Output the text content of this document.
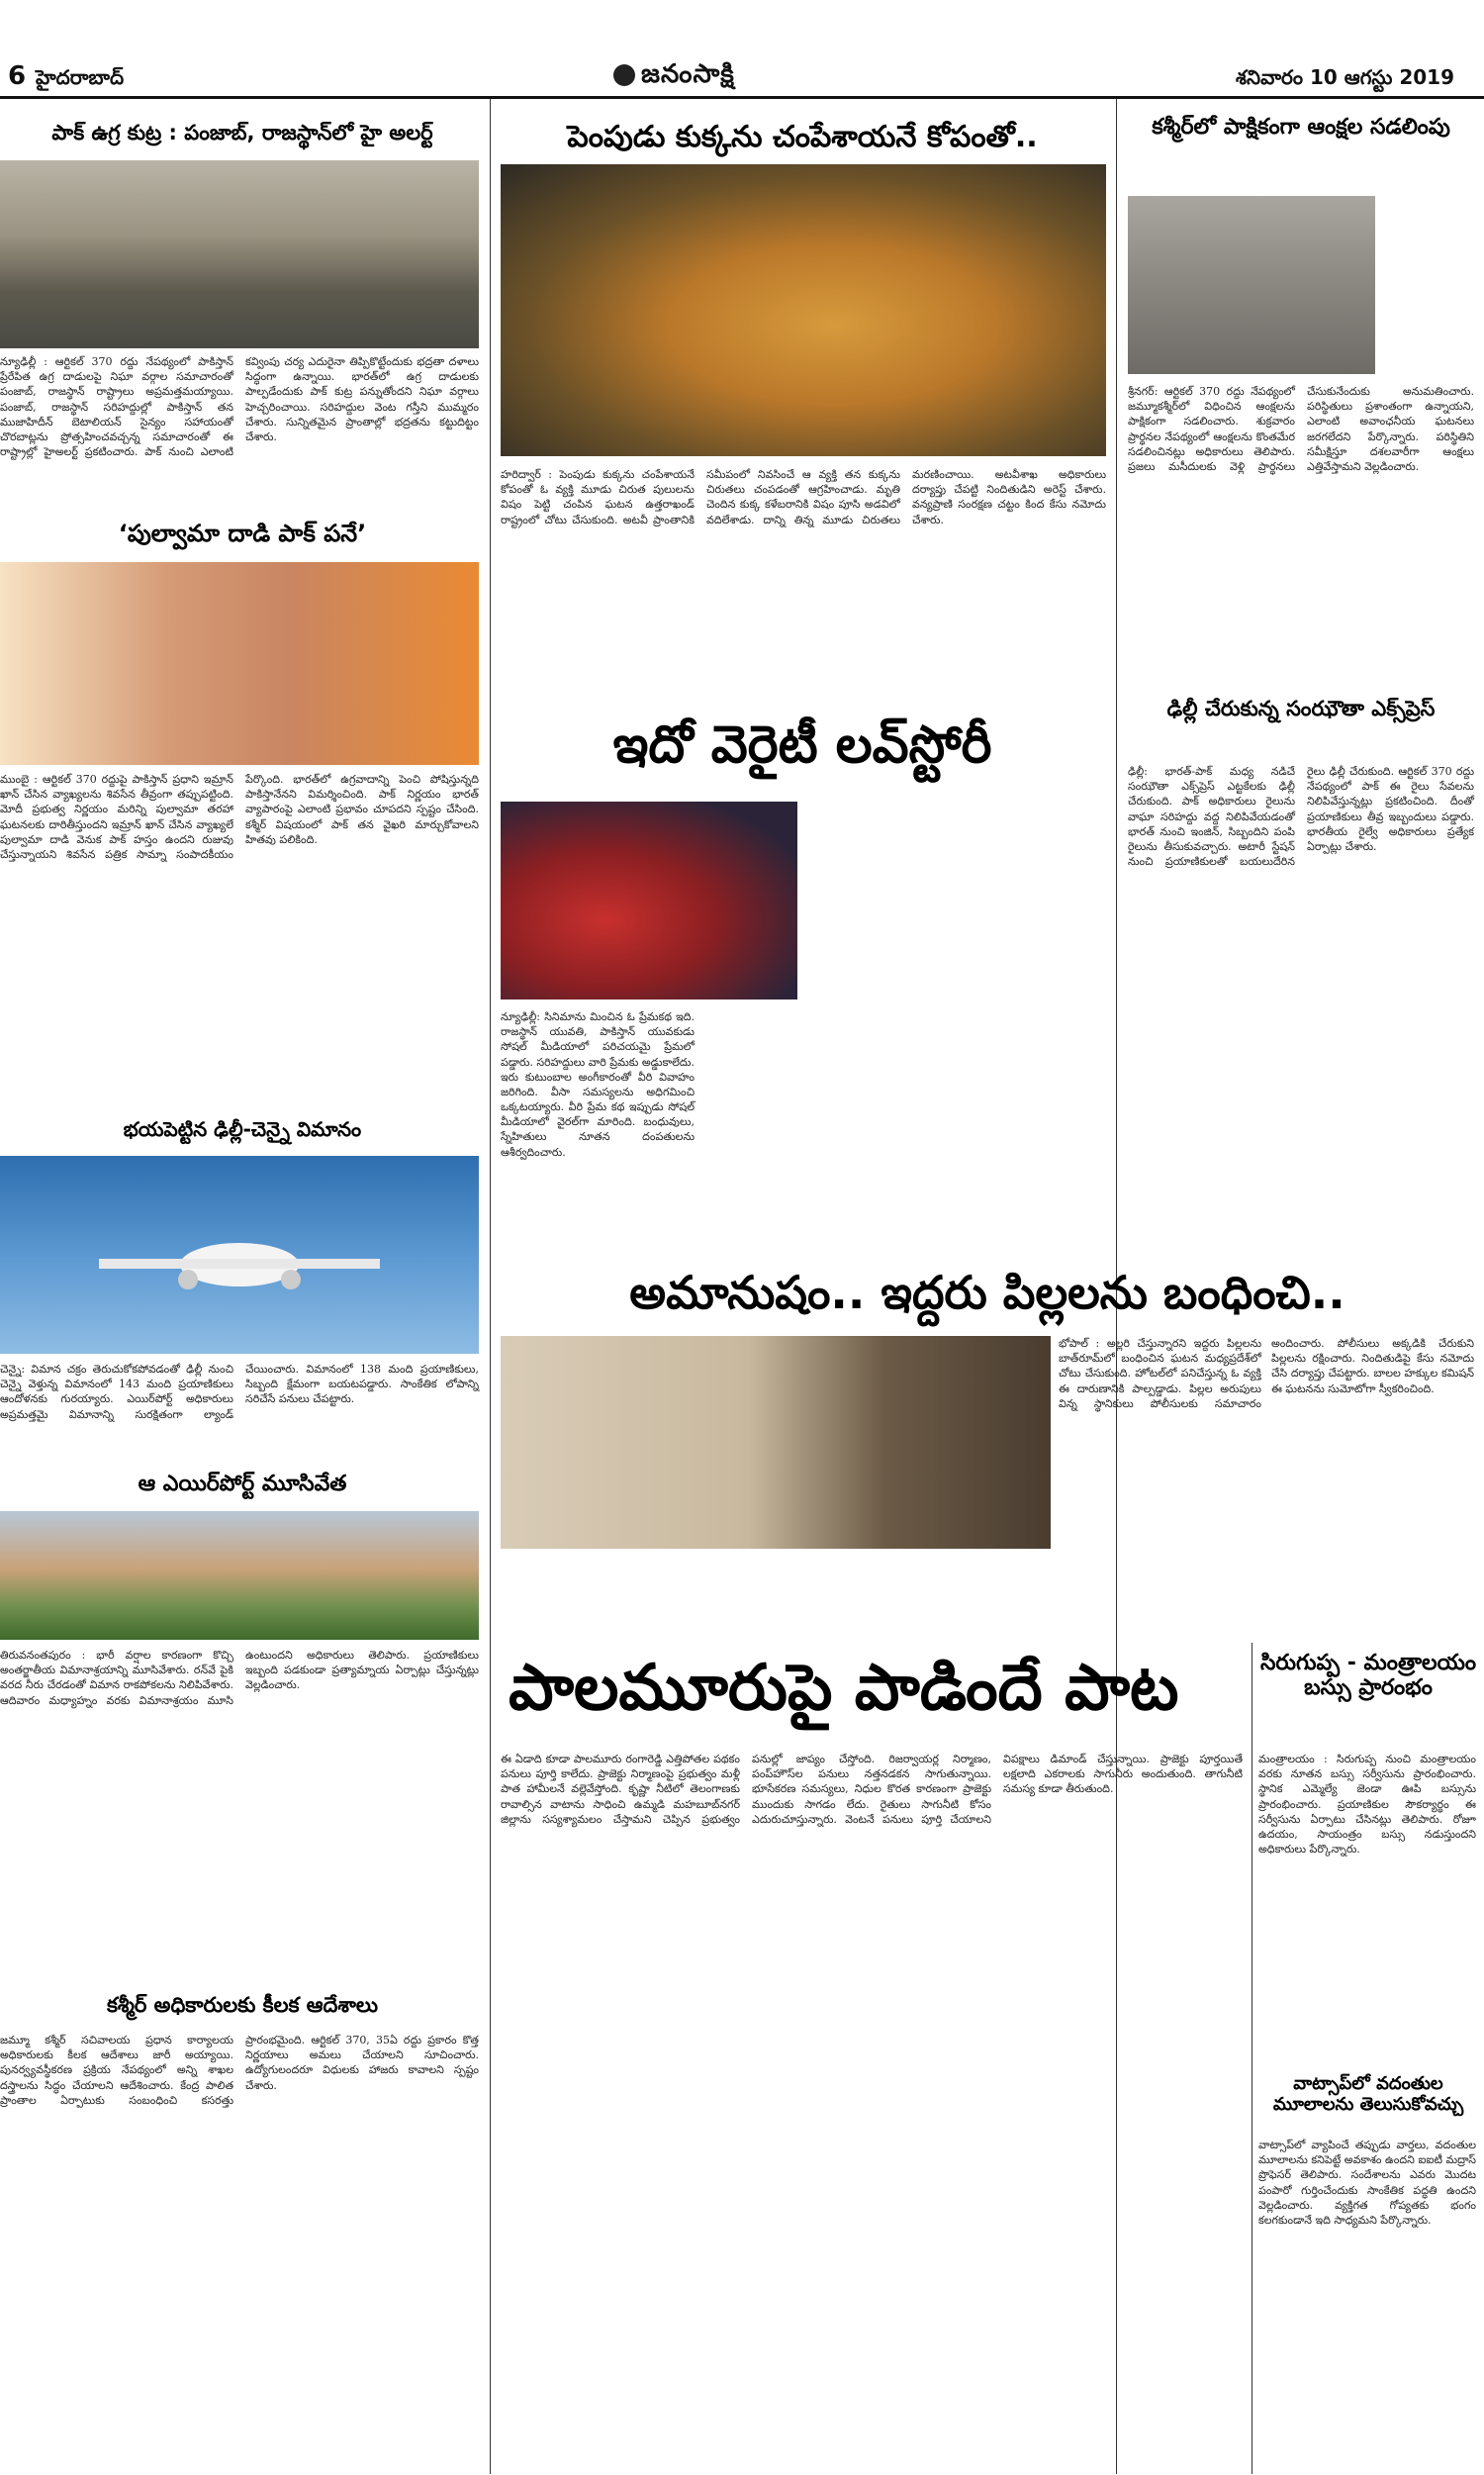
6 హైదరాబాద్	జనంసాక్షి	శనివారం 10 ఆగస్టు 2019
పాక్ ఉగ్ర కుట్ర : పంజాబ్, రాజస్థాన్‌లో హై అలర్ట్
న్యూఢిల్లీ : ఆర్టికల్ 370 రద్దు నేపథ్యంలో పాకిస్తాన్ ప్రేరేపిత ఉగ్ర దాడులపై నిఘా వర్గాల సమాచారంతో పంజాబ్, రాజస్థాన్ రాష్ట్రాలు అప్రమత్తమయ్యాయి. పంజాబ్, రాజస్థాన్ సరిహద్దుల్లో పాకిస్తాన్ తన ముజాహిదీన్ బెటాలియన్ సైన్యం సహాయంతో చొరబాట్లను ప్రోత్సహించవచ్చన్న సమాచారంతో ఈ రాష్ట్రాల్లో హైఅలర్ట్ ప్రకటించారు. పాక్ నుంచి ఎలాంటి కవ్వింపు చర్య ఎదురైనా తిప్పికొట్టేందుకు భద్రతా దళాలు సిద్ధంగా ఉన్నాయి. భారత్‌లో ఉగ్ర దాడులకు పాల్పడేందుకు పాక్ కుట్ర పన్నుతోందని నిఘా వర్గాలు హెచ్చరించాయి. సరిహద్దుల వెంట గస్తీని ముమ్మరం చేశారు. సున్నితమైన ప్రాంతాల్లో భద్రతను కట్టుదిట్టం చేశారు.
‘పుల్వామా దాడి పాక్ పనే’
ముంబై : ఆర్టికల్ 370 రద్దుపై పాకిస్తాన్ ప్రధాని ఇమ్రాన్ ఖాన్ చేసిన వ్యాఖ్యలను శివసేన తీవ్రంగా తప్పుపట్టింది. మోదీ ప్రభుత్వ నిర్ణయం మరిన్ని పుల్వామా తరహా ఘటనలకు దారితీస్తుందని ఇమ్రాన్ ఖాన్ చేసిన వ్యాఖ్యలే పుల్వామా దాడి వెనుక పాక్ హస్తం ఉందని రుజువు చేస్తున్నాయని శివసేన పత్రిక సామ్నా సంపాదకీయం పేర్కొంది. భారత్‌లో ఉగ్రవాదాన్ని పెంచి పోషిస్తున్నది పాకిస్తానేనని విమర్శించింది. పాక్ నిర్ణయం భారత్ వ్యాపారంపై ఎలాంటి ప్రభావం చూపదని స్పష్టం చేసింది. కశ్మీర్ విషయంలో పాక్ తన వైఖరి మార్చుకోవాలని హితవు పలికింది.
భయపెట్టిన ఢిల్లీ-చెన్నై విమానం
చెన్నై: విమాన చక్రం తెరుచుకోకపోవడంతో ఢిల్లీ నుంచి చెన్నై వెళ్తున్న విమానంలో 143 మంది ప్రయాణికులు ఆందోళనకు గురయ్యారు. ఎయిర్‌పోర్ట్ అధికారులు అప్రమత్తమై విమానాన్ని సురక్షితంగా ల్యాండ్ చేయించారు. విమానంలో 138 మంది ప్రయాణికులు, సిబ్బంది క్షేమంగా బయటపడ్డారు. సాంకేతిక లోపాన్ని సరిచేసే పనులు చేపట్టారు.
ఆ ఎయిర్‌పోర్ట్ మూసివేత
తిరువనంతపురం : భారీ వర్షాల కారణంగా కొచ్చి అంతర్జాతీయ విమానాశ్రయాన్ని మూసివేశారు. రన్‌వే పైకి వరద నీరు చేరడంతో విమాన రాకపోకలను నిలిపివేశారు. ఆదివారం మధ్యాహ్నం వరకు విమానాశ్రయం మూసి ఉంటుందని అధికారులు తెలిపారు. ప్రయాణికులు ఇబ్బంది పడకుండా ప్రత్యామ్నాయ ఏర్పాట్లు చేస్తున్నట్లు వెల్లడించారు.
కశ్మీర్ అధికారులకు కీలక ఆదేశాలు
జమ్మూ కశ్మీర్ సచివాలయ ప్రధాన కార్యాలయ అధికారులకు కీలక ఆదేశాలు జారీ అయ్యాయి. పునర్వ్యవస్థీకరణ ప్రక్రియ నేపథ్యంలో అన్ని శాఖల దస్త్రాలను సిద్ధం చేయాలని ఆదేశించారు. కేంద్ర పాలిత ప్రాంతాల ఏర్పాటుకు సంబంధించి కసరత్తు ప్రారంభమైంది. ఆర్టికల్ 370, 35ఏ రద్దు ప్రకారం కొత్త నిర్ణయాలు అమలు చేయాలని సూచించారు. ఉద్యోగులందరూ విధులకు హాజరు కావాలని స్పష్టం చేశారు.
పెంపుడు కుక్కను చంపేశాయనే కోపంతో..
హరిద్వార్ : పెంపుడు కుక్కను చంపేశాయనే కోపంతో ఓ వ్యక్తి మూడు చిరుత పులులను విషం పెట్టి చంపిన ఘటన ఉత్తరాఖండ్ రాష్ట్రంలో చోటు చేసుకుంది. అటవీ ప్రాంతానికి సమీపంలో నివసించే ఆ వ్యక్తి తన కుక్కను చిరుతలు చంపడంతో ఆగ్రహించాడు. మృతి చెందిన కుక్క కళేబరానికి విషం పూసి అడవిలో వదిలేశాడు. దాన్ని తిన్న మూడు చిరుతలు మరణించాయి. అటవీశాఖ అధికారులు దర్యాప్తు చేపట్టి నిందితుడిని అరెస్ట్ చేశారు. వన్యప్రాణి సంరక్షణ చట్టం కింద కేసు నమోదు చేశారు.
ఇదో వెరైటీ లవ్‌స్టోరీ
న్యూఢిల్లీ: సినిమాను మించిన ఓ ప్రేమకథ ఇది. రాజస్థాన్ యువతి, పాకిస్తాన్ యువకుడు సోషల్ మీడియాలో పరిచయమై ప్రేమలో పడ్డారు. సరిహద్దులు వారి ప్రేమకు అడ్డుకాలేదు. ఇరు కుటుంబాల అంగీకారంతో వీరి వివాహం జరిగింది. వీసా సమస్యలను అధిగమించి ఒక్కటయ్యారు. వీరి ప్రేమ కథ ఇప్పుడు సోషల్ మీడియాలో వైరల్‌గా మారింది. బంధువులు, స్నేహితులు నూతన దంపతులను ఆశీర్వదించారు.
కశ్మీర్‌లో పాక్షికంగా ఆంక్షల సడలింపు
శ్రీనగర్: ఆర్టికల్ 370 రద్దు నేపథ్యంలో జమ్మూకశ్మీర్‌లో విధించిన ఆంక్షలను పాక్షికంగా సడలించారు. శుక్రవారం ప్రార్థనల నేపథ్యంలో ఆంక్షలను కొంతమేర సడలించినట్లు అధికారులు తెలిపారు. ప్రజలు మసీదులకు వెళ్లి ప్రార్థనలు చేసుకునేందుకు అనుమతించారు. పరిస్థితులు ప్రశాంతంగా ఉన్నాయని, ఎలాంటి అవాంఛనీయ ఘటనలు జరగలేదని పేర్కొన్నారు. పరిస్థితిని సమీక్షిస్తూ దశలవారీగా ఆంక్షలు ఎత్తివేస్తామని వెల్లడించారు.
ఢిల్లీ చేరుకున్న సంఝౌతా ఎక్స్‌ప్రెస్
ఢిల్లీ: భారత్-పాక్ మధ్య నడిచే సంఝౌతా ఎక్స్‌ప్రెస్ ఎట్టకేలకు ఢిల్లీ చేరుకుంది. పాక్ అధికారులు రైలును వాఘా సరిహద్దు వద్ద నిలిపివేయడంతో భారత్ నుంచి ఇంజిన్, సిబ్బందిని పంపి రైలును తీసుకువచ్చారు. అటారీ స్టేషన్ నుంచి ప్రయాణికులతో బయలుదేరిన రైలు ఢిల్లీ చేరుకుంది. ఆర్టికల్ 370 రద్దు నేపథ్యంలో పాక్ ఈ రైలు సేవలను నిలిపివేస్తున్నట్లు ప్రకటించింది. దీంతో ప్రయాణికులు తీవ్ర ఇబ్బందులు పడ్డారు. భారతీయ రైల్వే అధికారులు ప్రత్యేక ఏర్పాట్లు చేశారు.
అమానుషం.. ఇద్దరు పిల్లలను బంధించి..
భోపాల్ : అల్లరి చేస్తున్నారని ఇద్దరు పిల్లలను బాత్‌రూమ్‌లో బంధించిన ఘటన మధ్యప్రదేశ్‌లో చోటు చేసుకుంది. హోటల్‌లో పనిచేస్తున్న ఓ వ్యక్తి ఈ దారుణానికి పాల్పడ్డాడు. పిల్లల అరుపులు విన్న స్థానికులు పోలీసులకు సమాచారం అందించారు. పోలీసులు అక్కడికి చేరుకుని పిల్లలను రక్షించారు. నిందితుడిపై కేసు నమోదు చేసి దర్యాప్తు చేపట్టారు. బాలల హక్కుల కమిషన్ ఈ ఘటనను సుమోటోగా స్వీకరించింది.
పాలమూరుపై పాడిందే పాట
ఈ ఏడాది కూడా పాలమూరు రంగారెడ్డి ఎత్తిపోతల పథకం పనులు పూర్తి కాలేదు. ప్రాజెక్టు నిర్మాణంపై ప్రభుత్వం మళ్లీ పాత హామీలనే వల్లెవేస్తోంది. కృష్ణా నీటిలో తెలంగాణకు రావాల్సిన వాటాను సాధించి ఉమ్మడి మహబూబ్‌నగర్ జిల్లాను సస్యశ్యామలం చేస్తామని చెప్పిన ప్రభుత్వం పనుల్లో జాప్యం చేస్తోంది. రిజర్వాయర్ల నిర్మాణం, పంప్‌హౌస్‌ల పనులు నత్తనడకన సాగుతున్నాయి. భూసేకరణ సమస్యలు, నిధుల కొరత కారణంగా ప్రాజెక్టు ముందుకు సాగడం లేదు. రైతులు సాగునీటి కోసం ఎదురుచూస్తున్నారు. వెంటనే పనులు పూర్తి చేయాలని విపక్షాలు డిమాండ్ చేస్తున్నాయి. ప్రాజెక్టు పూర్తయితే లక్షలాది ఎకరాలకు సాగునీరు అందుతుంది. తాగునీటి సమస్య కూడా తీరుతుంది.
సిరుగుప్ప - మంత్రాలయం బస్సు ప్రారంభం
మంత్రాలయం : సిరుగుప్ప నుంచి మంత్రాలయం వరకు నూతన బస్సు సర్వీసును ప్రారంభించారు. స్థానిక ఎమ్మెల్యే జెండా ఊపి బస్సును ప్రారంభించారు. ప్రయాణికుల సౌకర్యార్థం ఈ సర్వీసును ఏర్పాటు చేసినట్లు తెలిపారు. రోజూ ఉదయం, సాయంత్రం బస్సు నడుస్తుందని అధికారులు పేర్కొన్నారు.
వాట్సాప్‌లో వదంతుల మూలాలను తెలుసుకోవచ్చు
వాట్సాప్‌లో వ్యాపించే తప్పుడు వార్తలు, వదంతుల మూలాలను కనిపెట్టే అవకాశం ఉందని ఐఐటీ మద్రాస్ ప్రొఫెసర్ తెలిపారు. సందేశాలను ఎవరు మొదట పంపారో గుర్తించేందుకు సాంకేతిక పద్ధతి ఉందని వెల్లడించారు. వ్యక్తిగత గోప్యతకు భంగం కలగకుండానే ఇది సాధ్యమని పేర్కొన్నారు.
